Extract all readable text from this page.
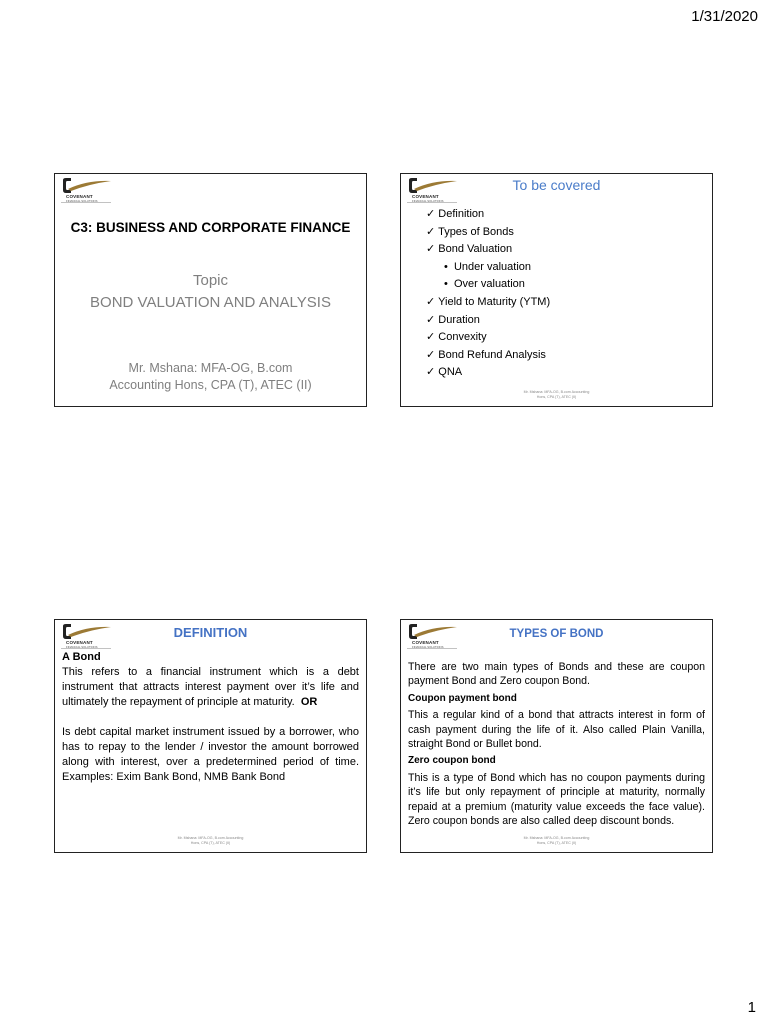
1/31/2020
COVENANT
FINANCIAL SOLUTIONS
C3: BUSINESS AND CORPORATE FINANCE
Topic
BOND VALUATION AND ANALYSIS
Mr. Mshana: MFA-OG, B.com
Accounting Hons, CPA (T), ATEC (II)
COVENANT
FINANCIAL SOLUTIONS
To be covered
✓ Definition
✓ Types of Bonds
✓ Bond Valuation
• Under valuation
• Over valuation
✓ Yield to Maturity (YTM)
✓ Duration
✓ Convexity
✓ Bond Refund Analysis
✓ QNA
Mr. Mshana: MFA-OG, B.com Accounting
Hons, CPA (T), ATEC (II)
COVENANT
FINANCIAL SOLUTIONS
DEFINITION
A Bond
This refers to a financial instrument which is a debt instrument that attracts interest payment over it’s life and ultimately the repayment of principle at maturity. OR
Is debt capital market instrument issued by a borrower, who has to repay to the lender / investor the amount borrowed along with interest, over a predetermined period of time. Examples: Exim Bank Bond, NMB Bank Bond
Mr. Mshana: MFA-OG, B.com Accounting
Hons, CPA (T), ATEC (II)
COVENANT
FINANCIAL SOLUTIONS
TYPES OF BOND
There are two main types of Bonds and these are coupon payment Bond and Zero coupon Bond.
Coupon payment bond
This a regular kind of a bond that attracts interest in form of cash payment during the life of it. Also called Plain Vanilla, straight Bond or Bullet bond.
Zero coupon bond
This is a type of Bond which has no coupon payments during it’s life but only repayment of principle at maturity, normally repaid at a premium (maturity value exceeds the face value). Zero coupon bonds are also called deep discount bonds.
Mr. Mshana: MFA-OG, B.com Accounting
Hons, CPA (T), ATEC (II)
1
